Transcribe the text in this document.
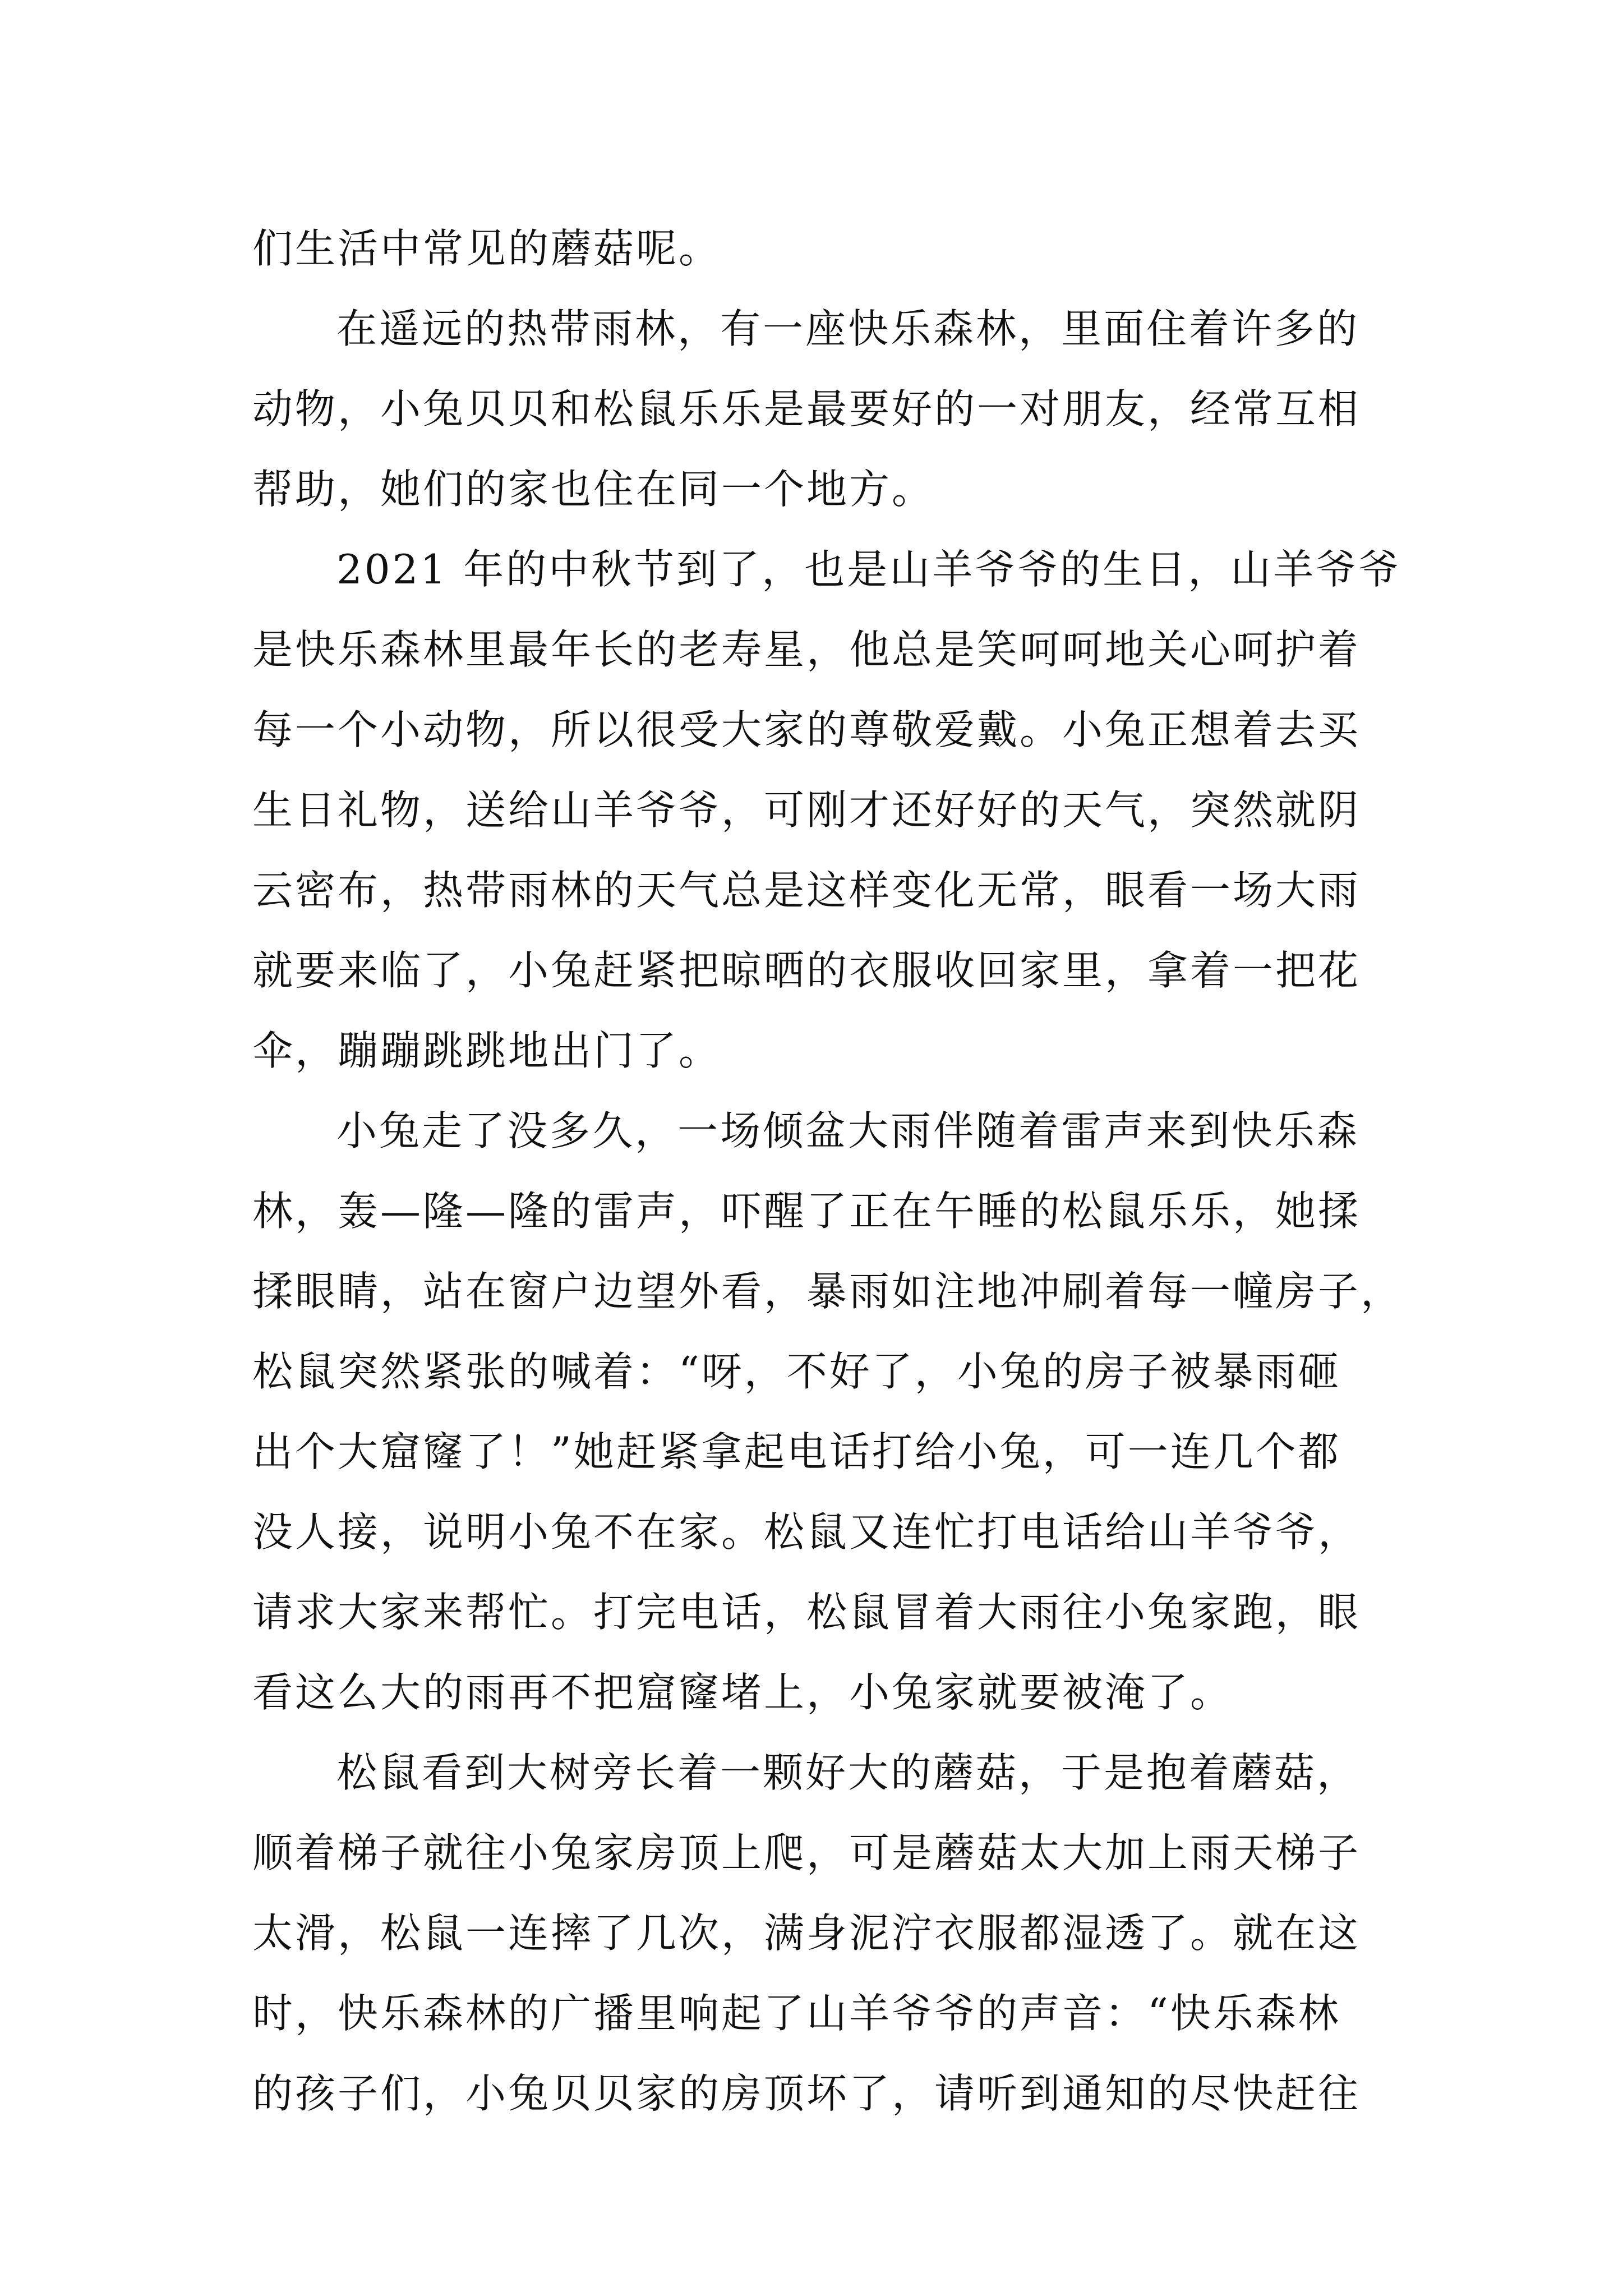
们生活中常见的蘑菇呢。
在遥远的热带雨林，有一座快乐森林，里面住着许多的
动物，小兔贝贝和松鼠乐乐是最要好的一对朋友，经常互相
帮助，她们的家也住在同一个地方。
2021 年的中秋节到了，也是山羊爷爷的生日，山羊爷爷
是快乐森林里最年长的老寿星，他总是笑呵呵地关心呵护着
每一个小动物，所以很受大家的尊敬爱戴。小兔正想着去买
生日礼物，送给山羊爷爷，可刚才还好好的天气，突然就阴
云密布，热带雨林的天气总是这样变化无常，眼看一场大雨
就要来临了，小兔赶紧把晾晒的衣服收回家里，拿着一把花
伞，蹦蹦跳跳地出门了。
小兔走了没多久，一场倾盆大雨伴随着雷声来到快乐森
林，轰—隆—隆的雷声，吓醒了正在午睡的松鼠乐乐，她揉
揉眼睛，站在窗户边望外看，暴雨如注地冲刷着每一幢房子，
松鼠突然紧张的喊着：“呀，不好了，小兔的房子被暴雨砸
出个大窟窿了！”她赶紧拿起电话打给小兔，可一连几个都
没人接，说明小兔不在家。松鼠又连忙打电话给山羊爷爷，
请求大家来帮忙。打完电话，松鼠冒着大雨往小兔家跑，眼
看这么大的雨再不把窟窿堵上，小兔家就要被淹了。
松鼠看到大树旁长着一颗好大的蘑菇，于是抱着蘑菇，
顺着梯子就往小兔家房顶上爬，可是蘑菇太大加上雨天梯子
太滑，松鼠一连摔了几次，满身泥泞衣服都湿透了。就在这
时，快乐森林的广播里响起了山羊爷爷的声音：“快乐森林
的孩子们，小兔贝贝家的房顶坏了，请听到通知的尽快赶往
